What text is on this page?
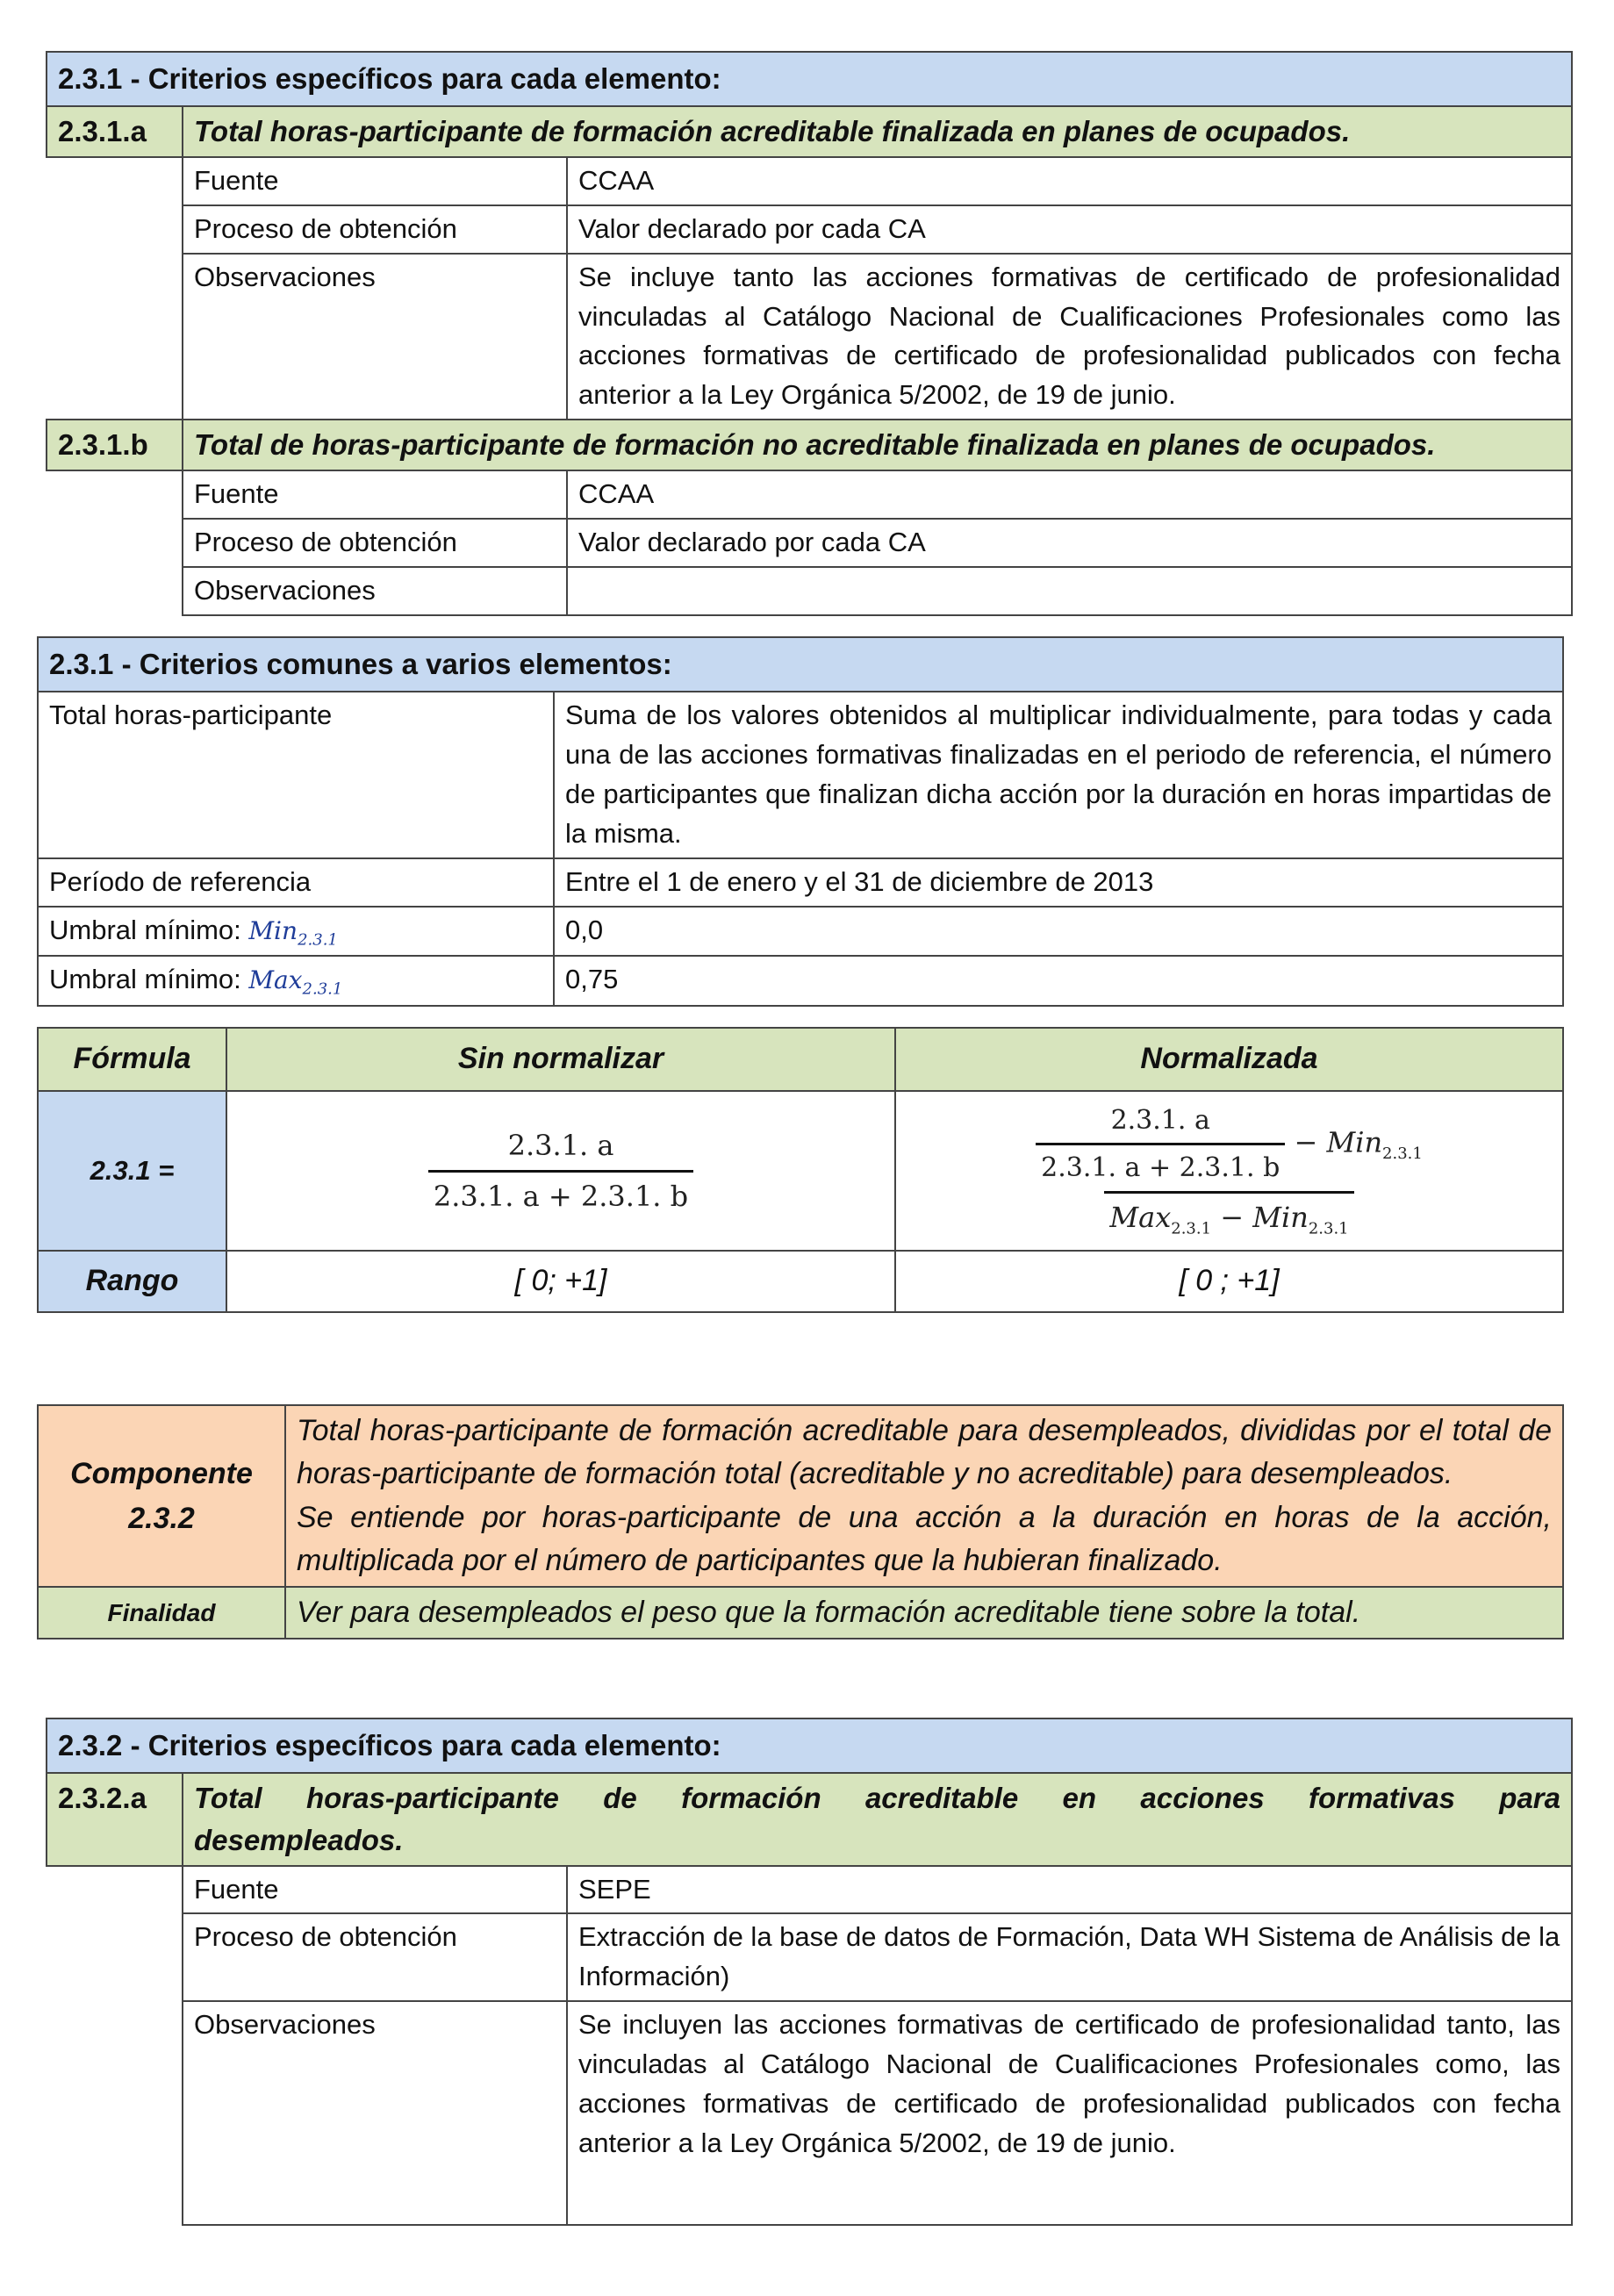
2.3.1 - Criterios específicos para cada elemento:		
2.3.1.a	Total horas-participante de formación acreditable finalizada en planes de ocupados.	
	Fuente	CCAA
	Proceso de obtención	Valor declarado por cada CA
	Observaciones	Se incluye tanto las acciones formativas de certificado de profesionalidad vinculadas al Catálogo Nacional de Cualificaciones Profesionales como las acciones formativas de certificado de profesionalidad publicados con fecha anterior a la Ley Orgánica 5/2002, de 19 de junio.
2.3.1.b	Total de horas-participante de formación no acreditable finalizada en planes de ocupados.	
	Fuente	CCAA
	Proceso de obtención	Valor declarado por cada CA
	Observaciones	
2.3.1 - Criterios comunes a varios elementos:	
Total horas-participante	Suma de los valores obtenidos al multiplicar individualmente, para todas y cada una de las acciones formativas finalizadas en el periodo de referencia, el número de participantes que finalizan dicha acción por la duración en horas impartidas de la misma.
Período de referencia	Entre el 1 de enero y el 31 de diciembre de 2013
Umbral mínimo: Min$_{2.3.1}$	0,0
Umbral mínimo: Max$_{2.3.1}$	0,75
Fórmula	Sin normalizar	Normalizada
2.3.1 =	$\frac{2.3.1. a}{2.3.1. a + 2.3.1. b}$	$\frac{2.3.1. a}{2.3.1. a + 2.3.1. b} - Min_{2.3.1}$
Max$_{2.3.1}$ − Min$_{2.3.1}$

Rango	[ 0; +1]	[ 0 ; +1]
Componente 2.3.2	Total horas-participante de formación acreditable para desempleados, divididas por el total de horas-participante de formación total (acreditable y no acreditable) para desempleados.
Se entiende por horas-participante de una acción a la duración en horas de la acción, multiplicada por el número de participantes que la hubieran finalizado.

Finalidad	Ver para desempleados el peso que la formación acreditable tiene sobre la total.
2.3.2 - Criterios específicos para cada elemento:		
2.3.2.a	Total horas-participante de formación acreditable en acciones formativas para desempleados.	
	Fuente	SEPE
	Proceso de obtención	Extracción de la base de datos de Formación, Data WH Sistema de Análisis de la Información)
	Observaciones	Se incluyen las acciones formativas de certificado de profesionalidad tanto, las vinculadas al Catálogo Nacional de Cualificaciones Profesionales como, las acciones formativas de certificado de profesionalidad publicados con fecha anterior a la Ley Orgánica 5/2002, de 19 de junio.
